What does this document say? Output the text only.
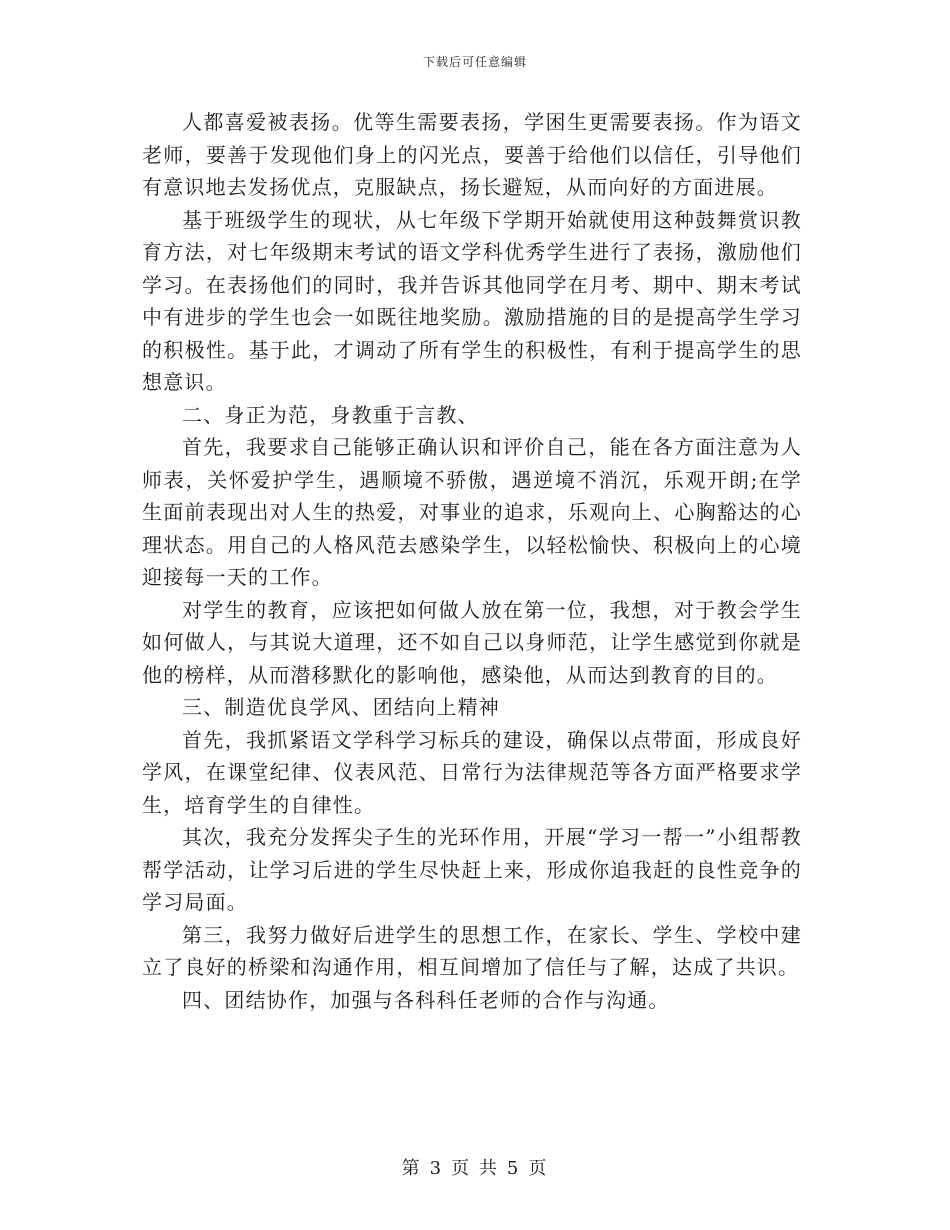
下载后可任意编辑

人都喜爱被表扬。优等生需要表扬，学困生更需要表扬。作为语文老师，要善于发现他们身上的闪光点，要善于给他们以信任，引导他们有意识地去发扬优点，克服缺点，扬长避短，从而向好的方面进展。

基于班级学生的现状，从七年级下学期开始就使用这种鼓舞赏识教育方法，对七年级期末考试的语文学科优秀学生进行了表扬，激励他们学习。在表扬他们的同时，我并告诉其他同学在月考、期中、期末考试中有进步的学生也会一如既往地奖励。激励措施的目的是提高学生学习的积极性。基于此，才调动了所有学生的积极性，有利于提高学生的思想意识。

二、身正为范，身教重于言教、

首先，我要求自己能够正确认识和评价自己，能在各方面注意为人师表，关怀爱护学生，遇顺境不骄傲，遇逆境不消沉，乐观开朗;在学生面前表现出对人生的热爱，对事业的追求，乐观向上、心胸豁达的心理状态。用自己的人格风范去感染学生，以轻松愉快、积极向上的心境迎接每一天的工作。

对学生的教育，应该把如何做人放在第一位，我想，对于教会学生如何做人，与其说大道理，还不如自己以身师范，让学生感觉到你就是他的榜样，从而潜移默化的影响他，感染他，从而达到教育的目的。

三、制造优良学风、团结向上精神

首先，我抓紧语文学科学习标兵的建设，确保以点带面，形成良好学风，在课堂纪律、仪表风范、日常行为法律规范等各方面严格要求学生，培育学生的自律性。

其次，我充分发挥尖子生的光环作用，开展“学习一帮一”小组帮教帮学活动，让学习后进的学生尽快赶上来，形成你追我赶的良性竞争的学习局面。

第三，我努力做好后进学生的思想工作，在家长、学生、学校中建立了良好的桥梁和沟通作用，相互间增加了信任与了解，达成了共识。

四、团结协作，加强与各科科任老师的合作与沟通。

第 3 页 共 5 页
